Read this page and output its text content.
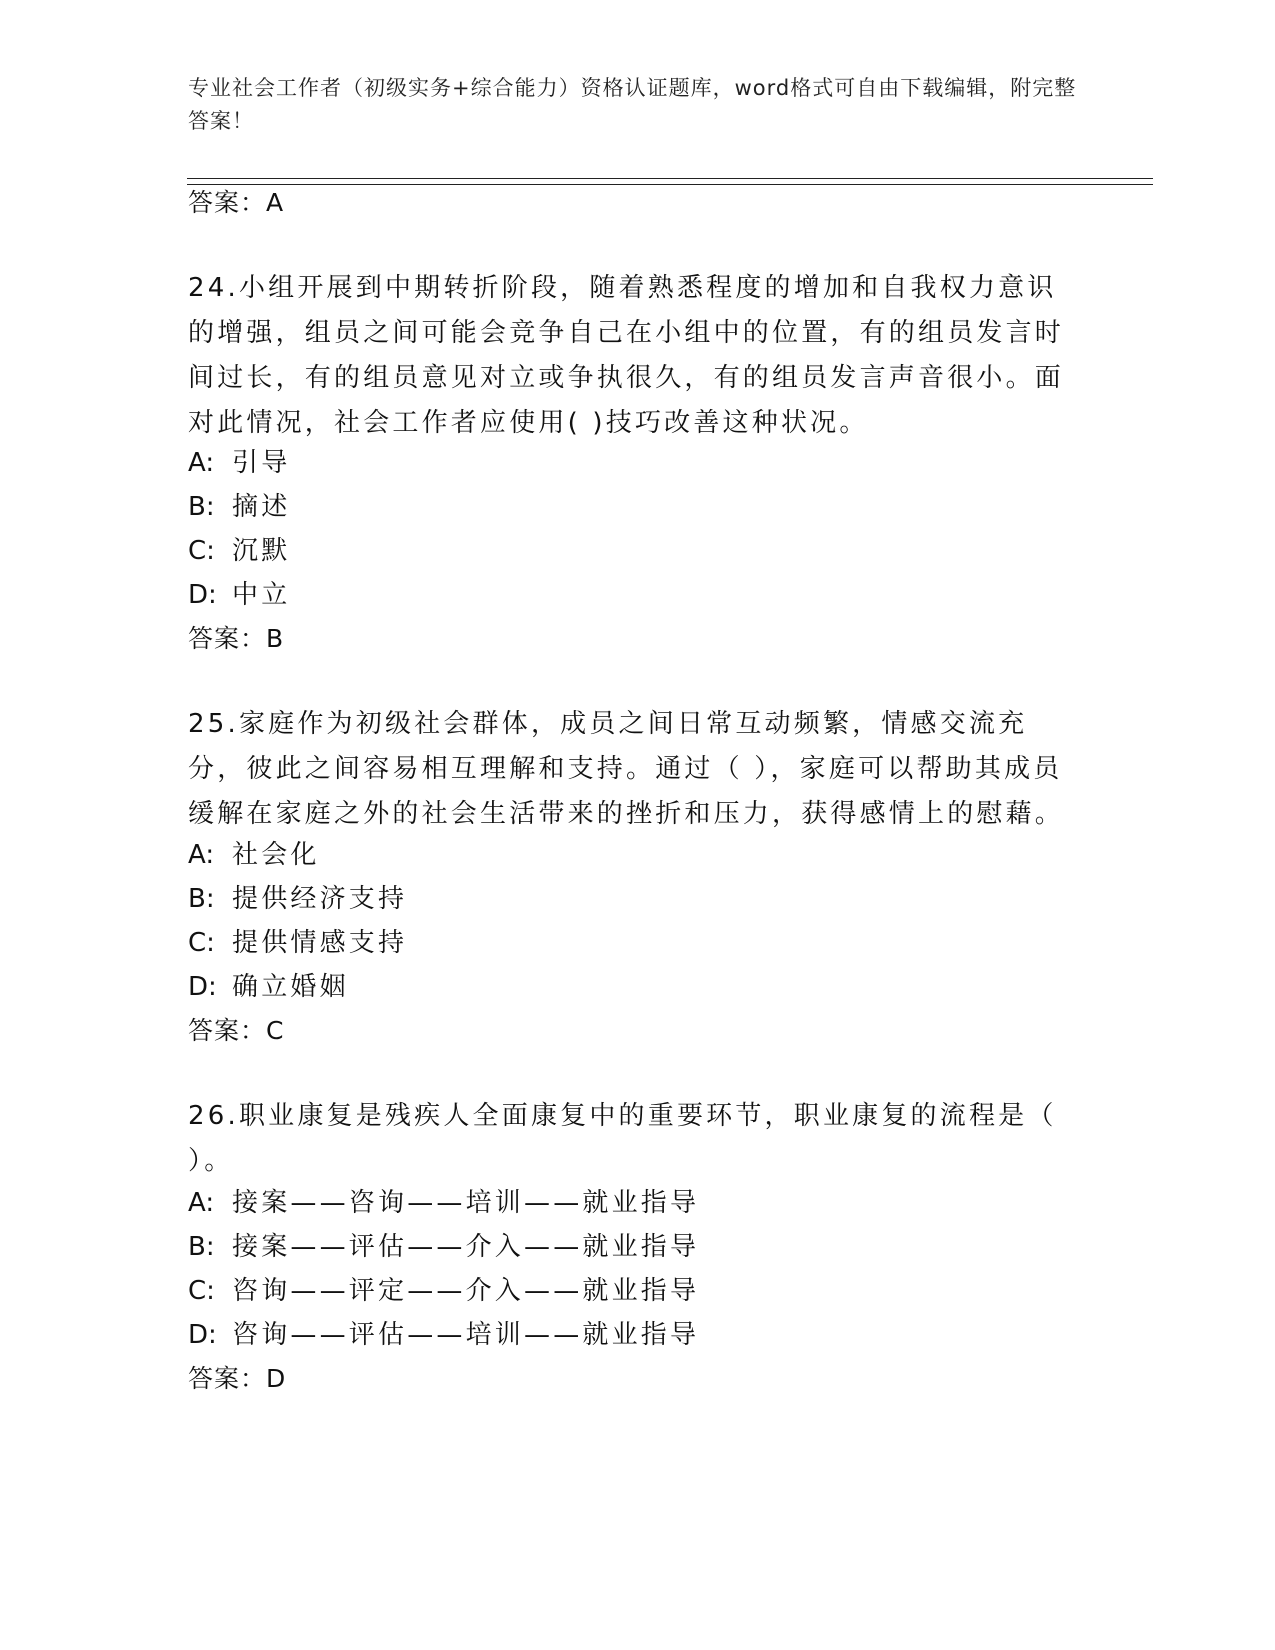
专业社会工作者（初级实务+综合能力）资格认证题库，word格式可自由下载编辑，附完整答案！
答案：A
24.小组开展到中期转折阶段，随着熟悉程度的增加和自我权力意识的增强，组员之间可能会竞争自己在小组中的位置，有的组员发言时间过长，有的组员意见对立或争执很久，有的组员发言声音很小。面对此情况，社会工作者应使用( )技巧改善这种状况。
A: 引导
B: 摘述
C: 沉默
D: 中立
答案：B
25.家庭作为初级社会群体，成员之间日常互动频繁，情感交流充分，彼此之间容易相互理解和支持。通过（ ），家庭可以帮助其成员缓解在家庭之外的社会生活带来的挫折和压力，获得感情上的慰藉。
A: 社会化
B: 提供经济支持
C: 提供情感支持
D: 确立婚姻
答案：C
26.职业康复是残疾人全面康复中的重要环节，职业康复的流程是（ ）。
A: 接案——咨询——培训——就业指导
B: 接案——评估——介入——就业指导
C: 咨询——评定——介入——就业指导
D: 咨询——评估——培训——就业指导
答案：D
